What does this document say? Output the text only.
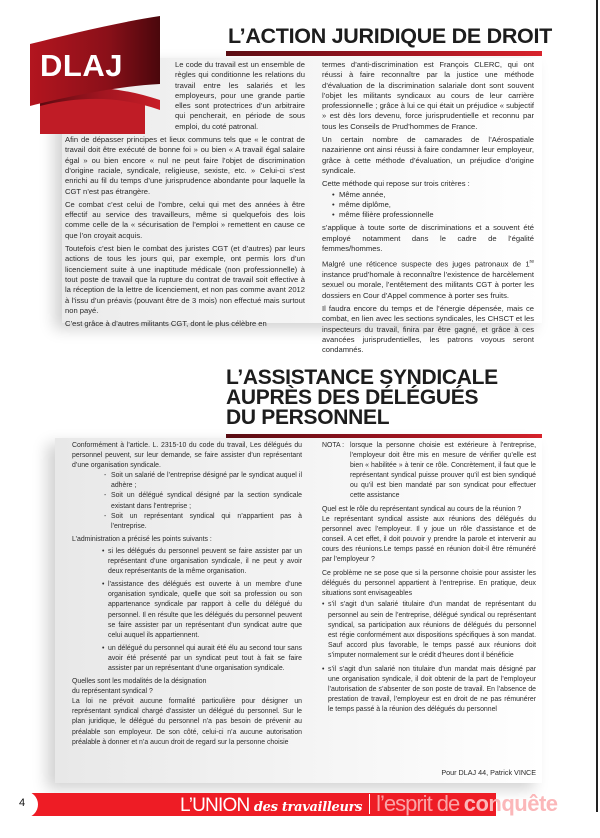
DLAJ
L’ACTION JURIDIQUE DE DROIT

Le code du travail est un ensemble de règles qui conditionne les relations du travail entre les salariés et les employeurs, pour une grande partie elles sont protectrices d’un arbitraire qui pencherait, en période de sous emploi, du coté patronal.

Afin de dépasser principes et lieux communs tels que « le contrat de travail doit être exécuté de bonne foi » ou bien « A travail égal salaire égal » ou bien encore « nul ne peut faire l’objet de discrimination d’origine raciale, syndicale, religieuse, sexiste, etc. » Celui-ci s’est enrichi au fil du temps d’une jurisprudence abondante pour laquelle la CGT n’est pas étrangère.

Ce combat c’est celui de l’ombre, celui qui met des années à être effectif au service des travailleurs, même si quelquefois des lois comme celle de la « sécurisation de l’emploi » remettent en cause ce que l’on croyait acquis.

Toutefois c’est bien le combat des juristes CGT (et d’autres) par leurs actions de tous les jours qui, par exemple, ont permis lors d’un licenciement suite à une inaptitude médicale (non professionnelle) à tout poste de travail que la rupture du contrat de travail soit effective à la réception de la lettre de licenciement, et non pas comme avant 2012 à l’issu d’un préavis (pouvant être de 3 mois) non effectué mais surtout non payé.

C’est grâce à d’autres militants CGT, dont le plus célèbre en

termes d’anti-discrimination est François CLERC, qui ont réussi à faire reconnaître par la justice une méthode d’évaluation de la discrimination salariale dont sont souvent l’objet les militants syndicaux au cours de leur carrière professionnelle ; grâce à lui ce qui était un préjudice « subjectif » est dès lors devenu, force jurisprudentielle et reconnu par tous les Conseils de Prud’hommes de France.

Un certain nombre de camarades de l’Aérospatiale nazairienne ont ainsi réussi à faire condamner leur employeur, grâce à cette méthode d’évaluation, un préjudice d’origine syndicale.

Cette méthode qui repose sur trois critères :

• Même année,
• même diplôme,
• même filière professionnelle

s’applique à toute sorte de discriminations et a souvent été employé notamment dans le cadre de l’égalité femmes/hommes.

Malgré une réticence suspecte des juges patronaux de 1re instance prud’homale à reconnaître l’existence de harcèlement sexuel ou morale, l’entêtement des militants CGT à porter les dossiers en Cour d’Appel commence à porter ses fruits.

Il faudra encore du temps et de l’énergie dépensée, mais ce combat, en lien avec les sections syndicales, les CHSCT et les inspecteurs du travail, finira par être gagné, et grâce à ces avancées jurisprudentielles, les patrons voyous seront condamnés.

L’ASSISTANCE SYNDICALE
AUPRÈS DES DÉLÉGUÉS
DU PERSONNEL

Conformément à l’article. L. 2315-10 du code du travail, Les délégués du personnel peuvent, sur leur demande, se faire assister d’un représentant d’une organisation syndicale.

- Soit un salarié de l’entreprise désigné par le syndicat auquel il adhère ;
- Soit un délégué syndical désigné par la section syndicale existant dans l’entreprise ;
- Soit un représentant syndical qui n’appartient pas à l’entreprise.

L’administration a précisé les points suivants :

• si les délégués du personnel peuvent se faire assister par un représentant d’une organisation syndicale, il ne peut y avoir deux représentants de la même organisation.
• l’assistance des délégués est ouverte à un membre d’une organisation syndicale, quelle que soit sa profession ou son appartenance syndicale par rapport à celle du délégué du personnel. Il en résulte que les délégués du personnel peuvent se faire assister par un représentant d’un syndicat autre que celui auquel ils appartiennent.
• un délégué du personnel qui aurait été élu au second tour sans avoir été présenté par un syndicat peut tout à fait se faire assister par un représentant d’une organisation syndicale.

Quelles sont les modalités de la désignation

du représentant syndical ?

La loi ne prévoit aucune formalité particulière pour désigner un représentant syndical chargé d’assister un délégué du personnel. Sur le plan juridique, le délégué du personnel n’a pas besoin de prévenir au préalable son employeur. De son côté, celui-ci n’a aucune autorisation préalable à donner et n’a aucun droit de regard sur la personne choisie

NOTA : lorsque la personne choisie est extérieure à l’entreprise, l’employeur doit être mis en mesure de vérifier qu’elle est bien « habilitée » à tenir ce rôle. Concrètement, il faut que le représentant syndical puisse prouver qu’il est bien syndiqué ou qu’il est bien mandaté par son syndicat pour effectuer cette assistance

Quel est le rôle du représentant syndical au cours de la réunion ?

Le représentant syndical assiste aux réunions des délégués du personnel avec l’employeur. Il y joue un rôle d’assistance et de conseil. A cet effet, il doit pouvoir y prendre la parole et intervenir au cours des réunions.Le temps passé en réunion doit-il être rémunéré par l’employeur ?

Ce problème ne se pose que si la personne choisie pour assister les délégués du personnel appartient à l’entreprise. En pratique, deux situations sont envisageables

• s’il s’agit d’un salarié titulaire d’un mandat de représentant du personnel au sein de l’entreprise, délégué syndical ou représentant syndical, sa participation aux réunions de délégués du personnel est régie conformément aux dispositions spécifiques à son mandat. Sauf accord plus favorable, le temps passé aux réunions doit s’imputer normalement sur le crédit d’heures dont il bénéficie
• s’il s’agit d’un salarié non titulaire d’un mandat mais désigné par une organisation syndicale, il doit obtenir de la part de l’employeur l’autorisation de s’absenter de son poste de travail. En l’absence de prestation de travail, l’employeur est en droit de ne pas rémunérer le temps passé à la réunion des délégués du personnel
Pour DLAJ 44, Patrick VINCE
4	L’UNION des travailleurs l’esprit de conquête
